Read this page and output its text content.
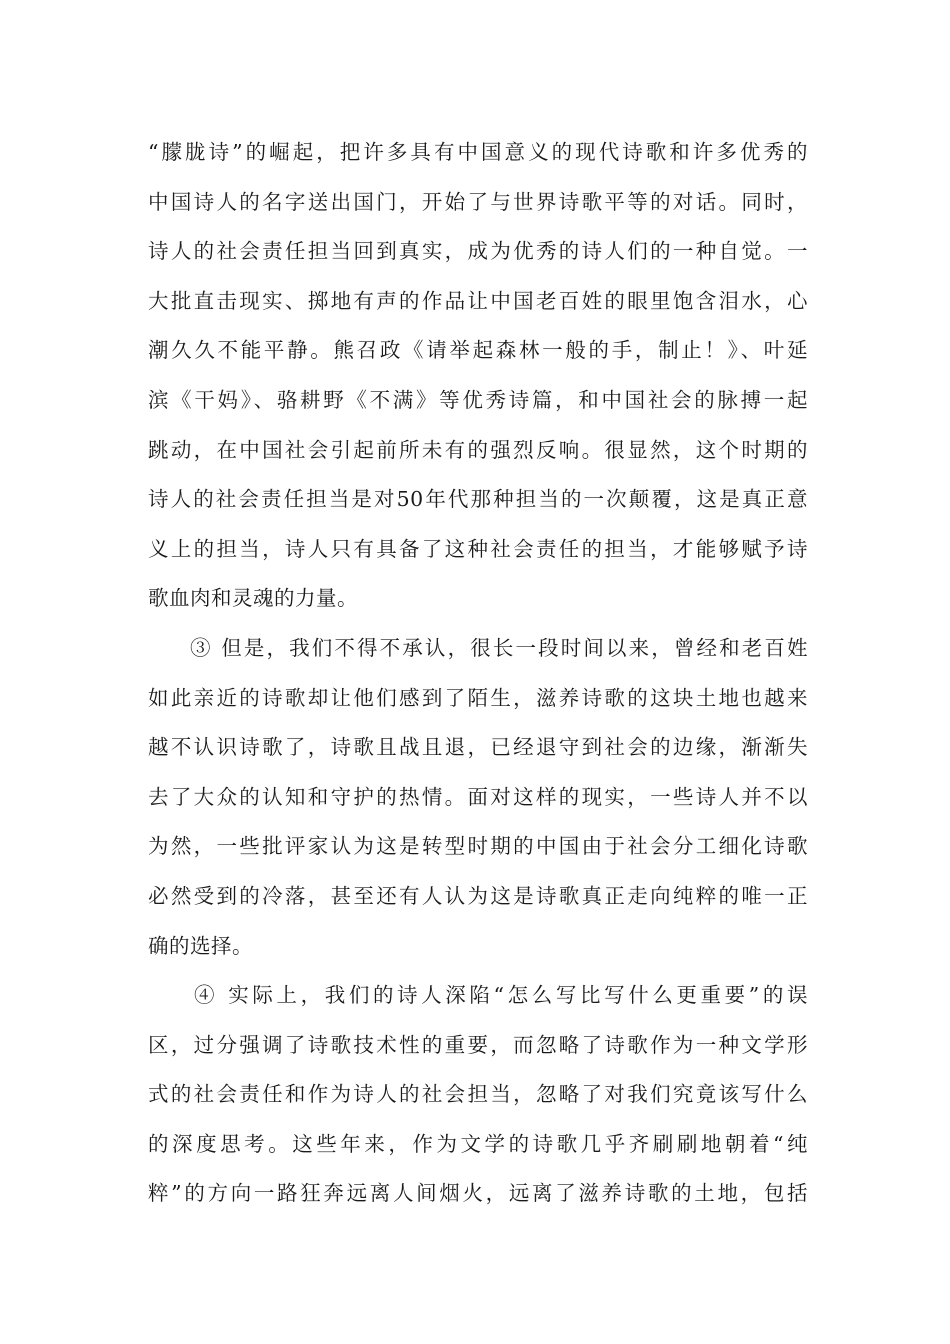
“朦胧诗”的崛起，把许多具有中国意义的现代诗歌和许多优秀的
中国诗人的名字送出国门，开始了与世界诗歌平等的对话。同时，
诗人的社会责任担当回到真实，成为优秀的诗人们的一种自觉。一
大批直击现实、掷地有声的作品让中国老百姓的眼里饱含泪水，心
潮久久不能平静。熊召政《请举起森林一般的手，制止！》、叶延
滨《干妈》、骆耕野《不满》等优秀诗篇，和中国社会的脉搏一起
跳动，在中国社会引起前所未有的强烈反响。很显然，这个时期的
诗人的社会责任担当是对50年代那种担当的一次颠覆，这是真正意
义上的担当，诗人只有具备了这种社会责任的担当，才能够赋予诗
歌血肉和灵魂的力量。
③ 但是，我们不得不承认，很长一段时间以来，曾经和老百姓
如此亲近的诗歌却让他们感到了陌生，滋养诗歌的这块土地也越来
越不认识诗歌了，诗歌且战且退，已经退守到社会的边缘，渐渐失
去了大众的认知和守护的热情。面对这样的现实，一些诗人并不以
为然，一些批评家认为这是转型时期的中国由于社会分工细化诗歌
必然受到的冷落，甚至还有人认为这是诗歌真正走向纯粹的唯一正
确的选择。
④ 实际上，我们的诗人深陷“怎么写比写什么更重要”的误
区，过分强调了诗歌技术性的重要，而忽略了诗歌作为一种文学形
式的社会责任和作为诗人的社会担当，忽略了对我们究竟该写什么
的深度思考。这些年来，作为文学的诗歌几乎齐刷刷地朝着“纯
粹”的方向一路狂奔远离人间烟火，远离了滋养诗歌的土地，包括
